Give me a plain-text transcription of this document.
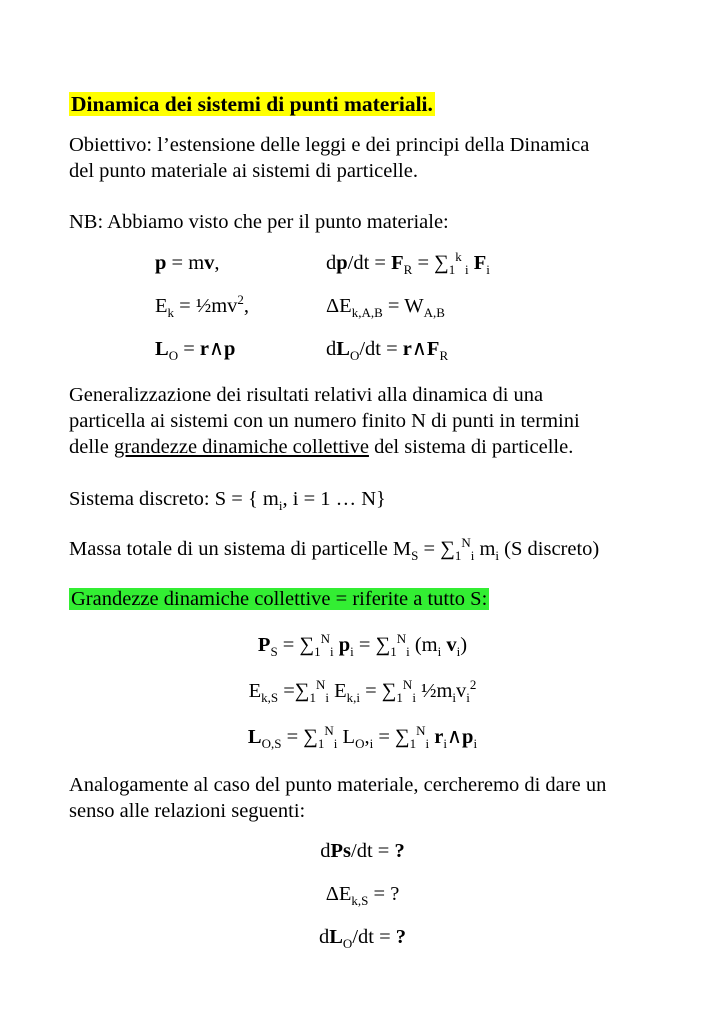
Dinamica dei sistemi di punti materiali.
Obiettivo: l’estensione delle leggi e dei principi della Dinamica
del punto materiale ai sistemi di particelle.
NB: Abbiamo visto che per il punto materiale:
p = mv,	$dp/dt = F_R = \sum_1^k$ $_i$ $F_i$
$E_k$ = $\frac{1}{2}mv^2$,	$\Delta E_{k,A,B} = W_{A,B}$
$L_O$ = r∧p	$dL_O/dt$ = $r\wedge F_R$
Generalizzazione dei risultati relativi alla dinamica di una
particella ai sistemi con un numero finito N di punti in termini
delle grandezze dinamiche collettive del sistema di particelle.
Sistema discreto: S = { $m_i$, i = 1 … N}
Massa totale di un sistema di particelle $M_S = \sum_1^N_i$ $m_i$ (S discreto)
Grandezze dinamiche collettive = riferite a tutto S:
$P_S = \sum_1^N_i$ $p_i = \sum_1^N_i$ ($m_i$ $v_i$)
$E_{k,S} =\sum_1^N_i$ $E_{k,i} = \sum_1^N_i$ $\frac{1}{2}m_iv_i^2$
$L_{O,S} = \sum_1^N_i$ $L_O,_i = \sum_1^N_i$ $r_i\wedge p_i$
Analogamente al caso del punto materiale, cercheremo di dare un
senso alle relazioni seguenti:
dPs/dt = ?
$\Delta E_{k,S}$ = ?
$dL_O/dt$ = ?
